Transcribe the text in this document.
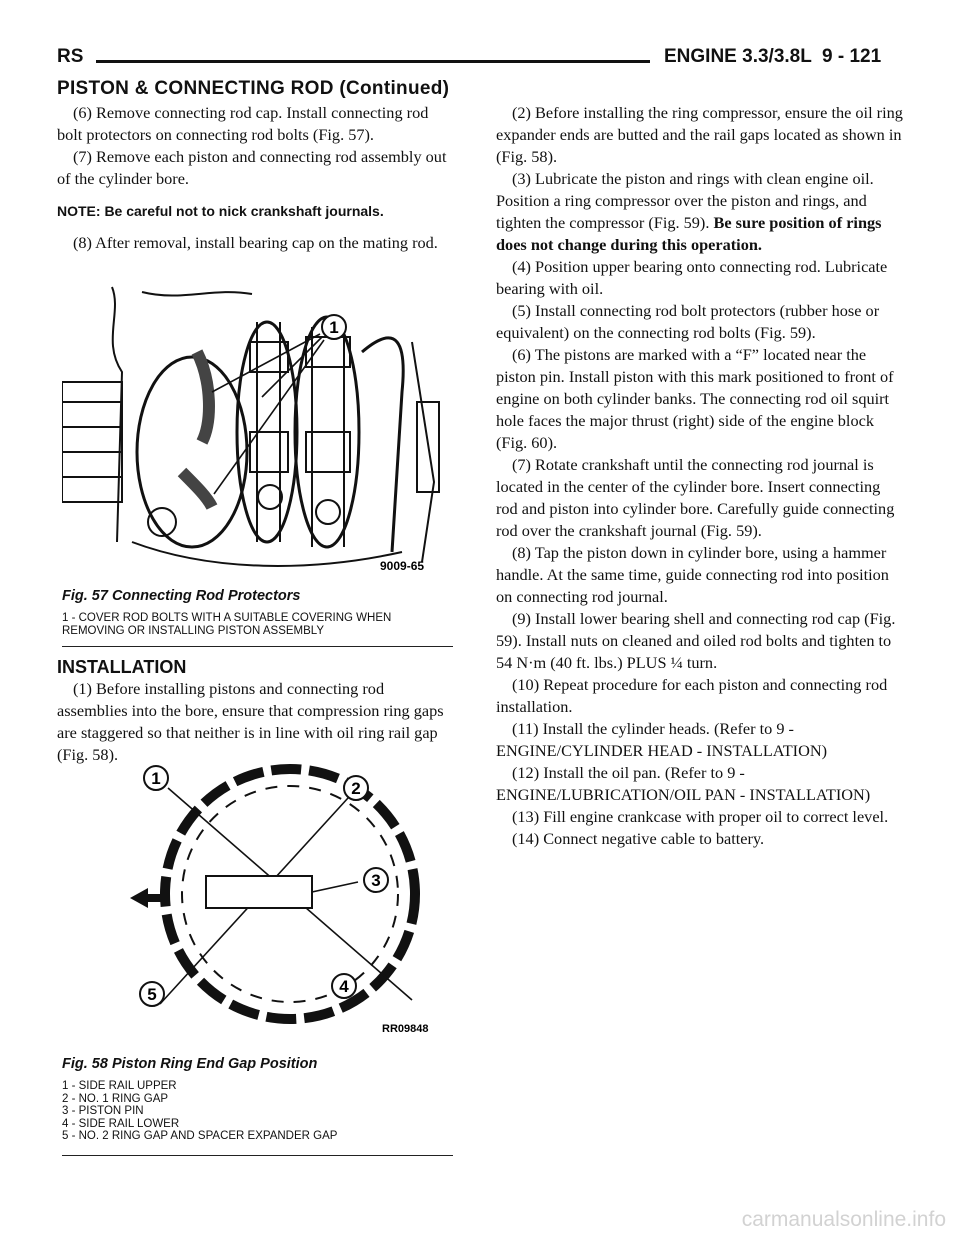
RS	ENGINE 3.3/3.8L 9 - 121
PISTON & CONNECTING ROD (Continued)

(6) Remove connecting rod cap. Install connecting rod bolt protectors on connecting rod bolts (Fig. 57).

(7) Remove each piston and connecting rod assembly out of the cylinder bore.

NOTE: Be careful not to nick crankshaft journals.

(8) After removal, install bearing cap on the mating rod.

1
9009-65
Fig. 57 Connecting Rod Protectors
1 - COVER ROD BOLTS WITH A SUITABLE COVERING WHEN
REMOVING OR INSTALLING PISTON ASSEMBLY

INSTALLATION

(1) Before installing pistons and connecting rod assemblies into the bore, ensure that compression ring gaps are staggered so that neither is in line with oil ring rail gap (Fig. 58).

1
2
3
4
5
RR09848
Fig. 58 Piston Ring End Gap Position
1 - SIDE RAIL UPPER
2 - NO. 1 RING GAP
3 - PISTON PIN
4 - SIDE RAIL LOWER
5 - NO. 2 RING GAP AND SPACER EXPANDER GAP

(2) Before installing the ring compressor, ensure the oil ring expander ends are butted and the rail gaps located as shown in (Fig. 58).

(3) Lubricate the piston and rings with clean engine oil. Position a ring compressor over the piston and rings, and tighten the compressor (Fig. 59). Be sure position of rings does not change during this operation.

(4) Position upper bearing onto connecting rod. Lubricate bearing with oil.

(5) Install connecting rod bolt protectors (rubber hose or equivalent) on the connecting rod bolts (Fig. 59).

(6) The pistons are marked with a “F” located near the piston pin. Install piston with this mark positioned to front of engine on both cylinder banks. The connecting rod oil squirt hole faces the major thrust (right) side of the engine block (Fig. 60).

(7) Rotate crankshaft until the connecting rod journal is located in the center of the cylinder bore. Insert connecting rod and piston into cylinder bore. Carefully guide connecting rod over the crankshaft journal (Fig. 59).

(8) Tap the piston down in cylinder bore, using a hammer handle. At the same time, guide connecting rod into position on connecting rod journal.

(9) Install lower bearing shell and connecting rod cap (Fig. 59). Install nuts on cleaned and oiled rod bolts and tighten to 54 N·m (40 ft. lbs.) PLUS ¼ turn.

(10) Repeat procedure for each piston and connecting rod installation.

(11) Install the cylinder heads. (Refer to 9 - ENGINE/CYLINDER HEAD - INSTALLATION)

(12) Install the oil pan. (Refer to 9 - ENGINE/LUBRICATION/OIL PAN - INSTALLATION)

(13) Fill engine crankcase with proper oil to correct level.

(14) Connect negative cable to battery.

carmanualsonline.info
